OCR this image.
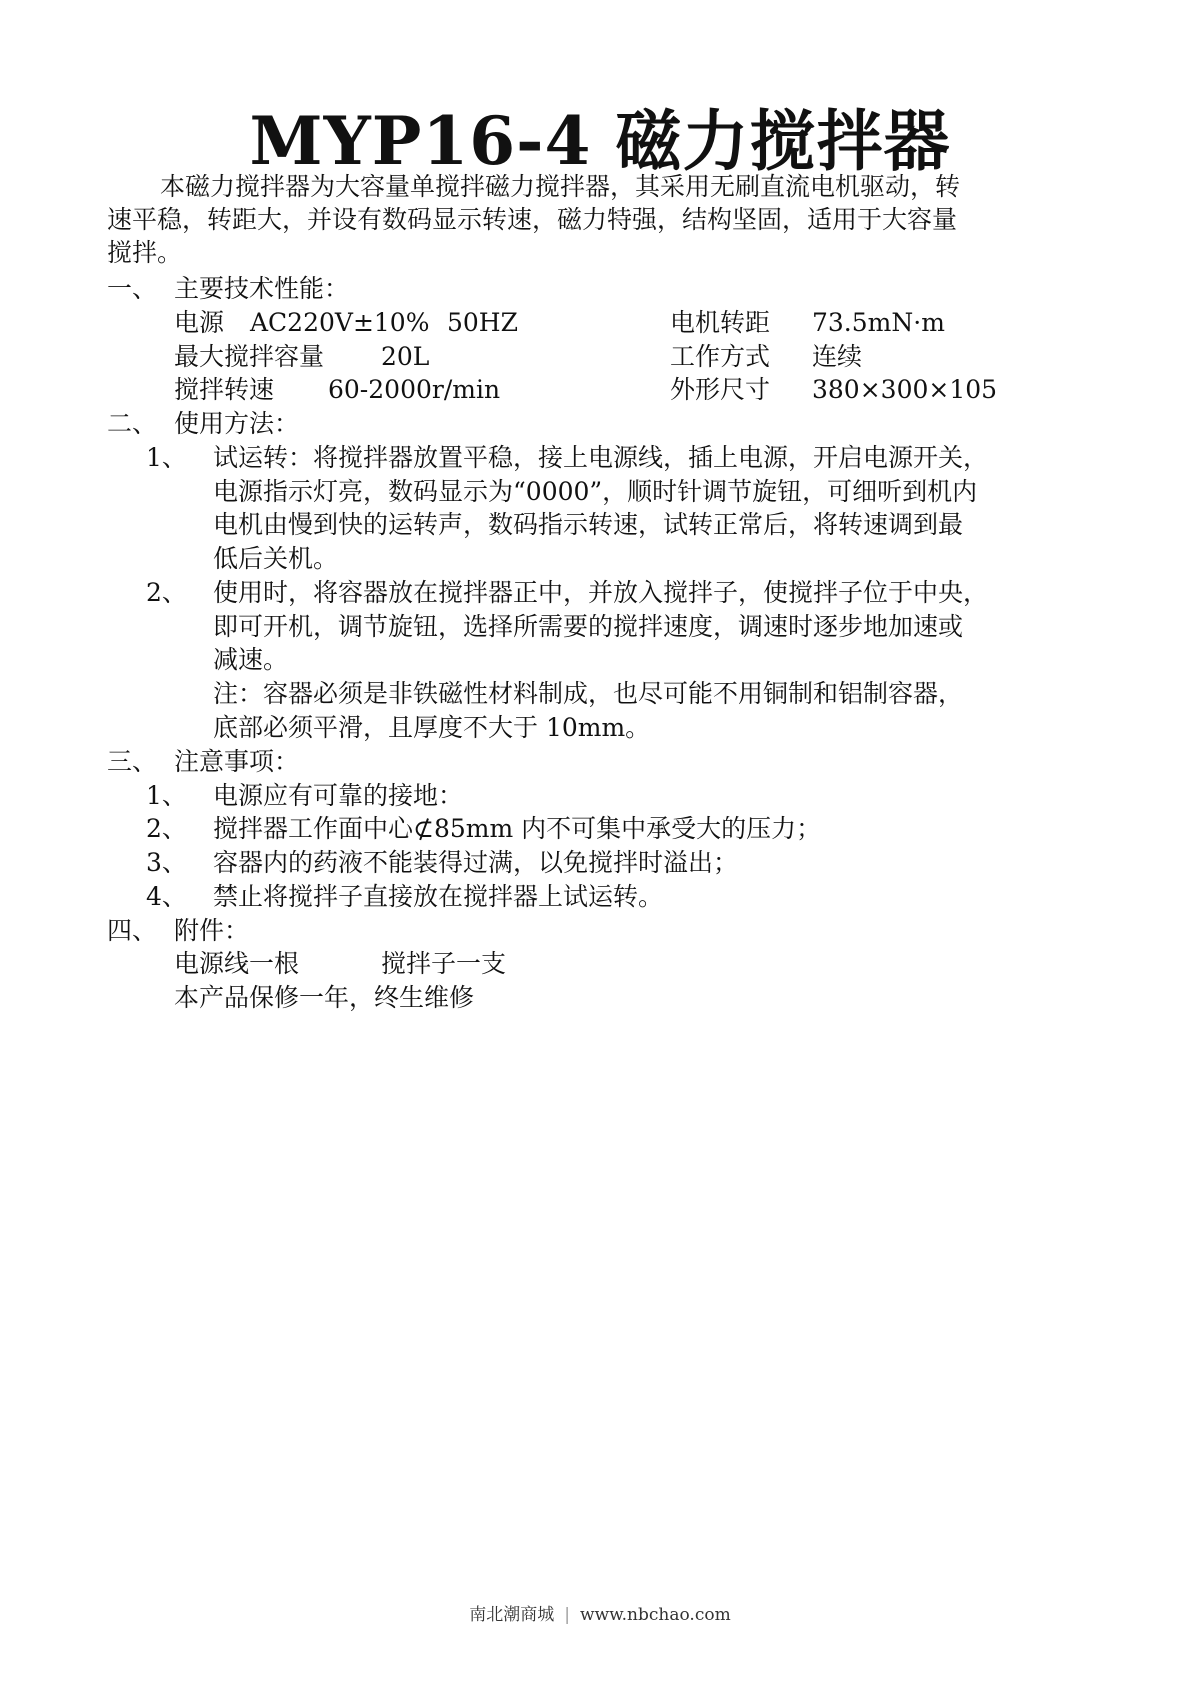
MYP16-4 磁力搅拌器
本磁力搅拌器为大容量单搅拌磁力搅拌器，其采用无刷直流电机驱动，转
速平稳，转距大，并设有数码显示转速，磁力特强，结构坚固，适用于大容量
搅拌。
一、 主要技术性能：
电源 AC220V±10% 50HZ	电机转距 73.5mN·m
最大搅拌容量 20L	工作方式 连续
搅拌转速 60-2000r/min	外形尺寸 380×300×105
二、 使用方法：
1、 试运转：将搅拌器放置平稳，接上电源线，插上电源，开启电源开关，
电源指示灯亮，数码显示为“0000”，顺时针调节旋钮，可细听到机内
电机由慢到快的运转声，数码指示转速，试转正常后，将转速调到最
低后关机。
2、 使用时，将容器放在搅拌器正中，并放入搅拌子，使搅拌子位于中央，
即可开机，调节旋钮，选择所需要的搅拌速度，调速时逐步地加速或
减速。
注：容器必须是非铁磁性材料制成，也尽可能不用铜制和铝制容器，
底部必须平滑，且厚度不大于 10mm。
三、 注意事项：
1、 电源应有可靠的接地：
2、 搅拌器工作面中心⊄85mm 内不可集中承受大的压力；
3、 容器内的药液不能装得过满，以免搅拌时溢出；
4、 禁止将搅拌子直接放在搅拌器上试运转。
四、 附件：
电源线一根	搅拌子一支
本产品保修一年，终生维修
南北潮商城 | www.nbchao.com
